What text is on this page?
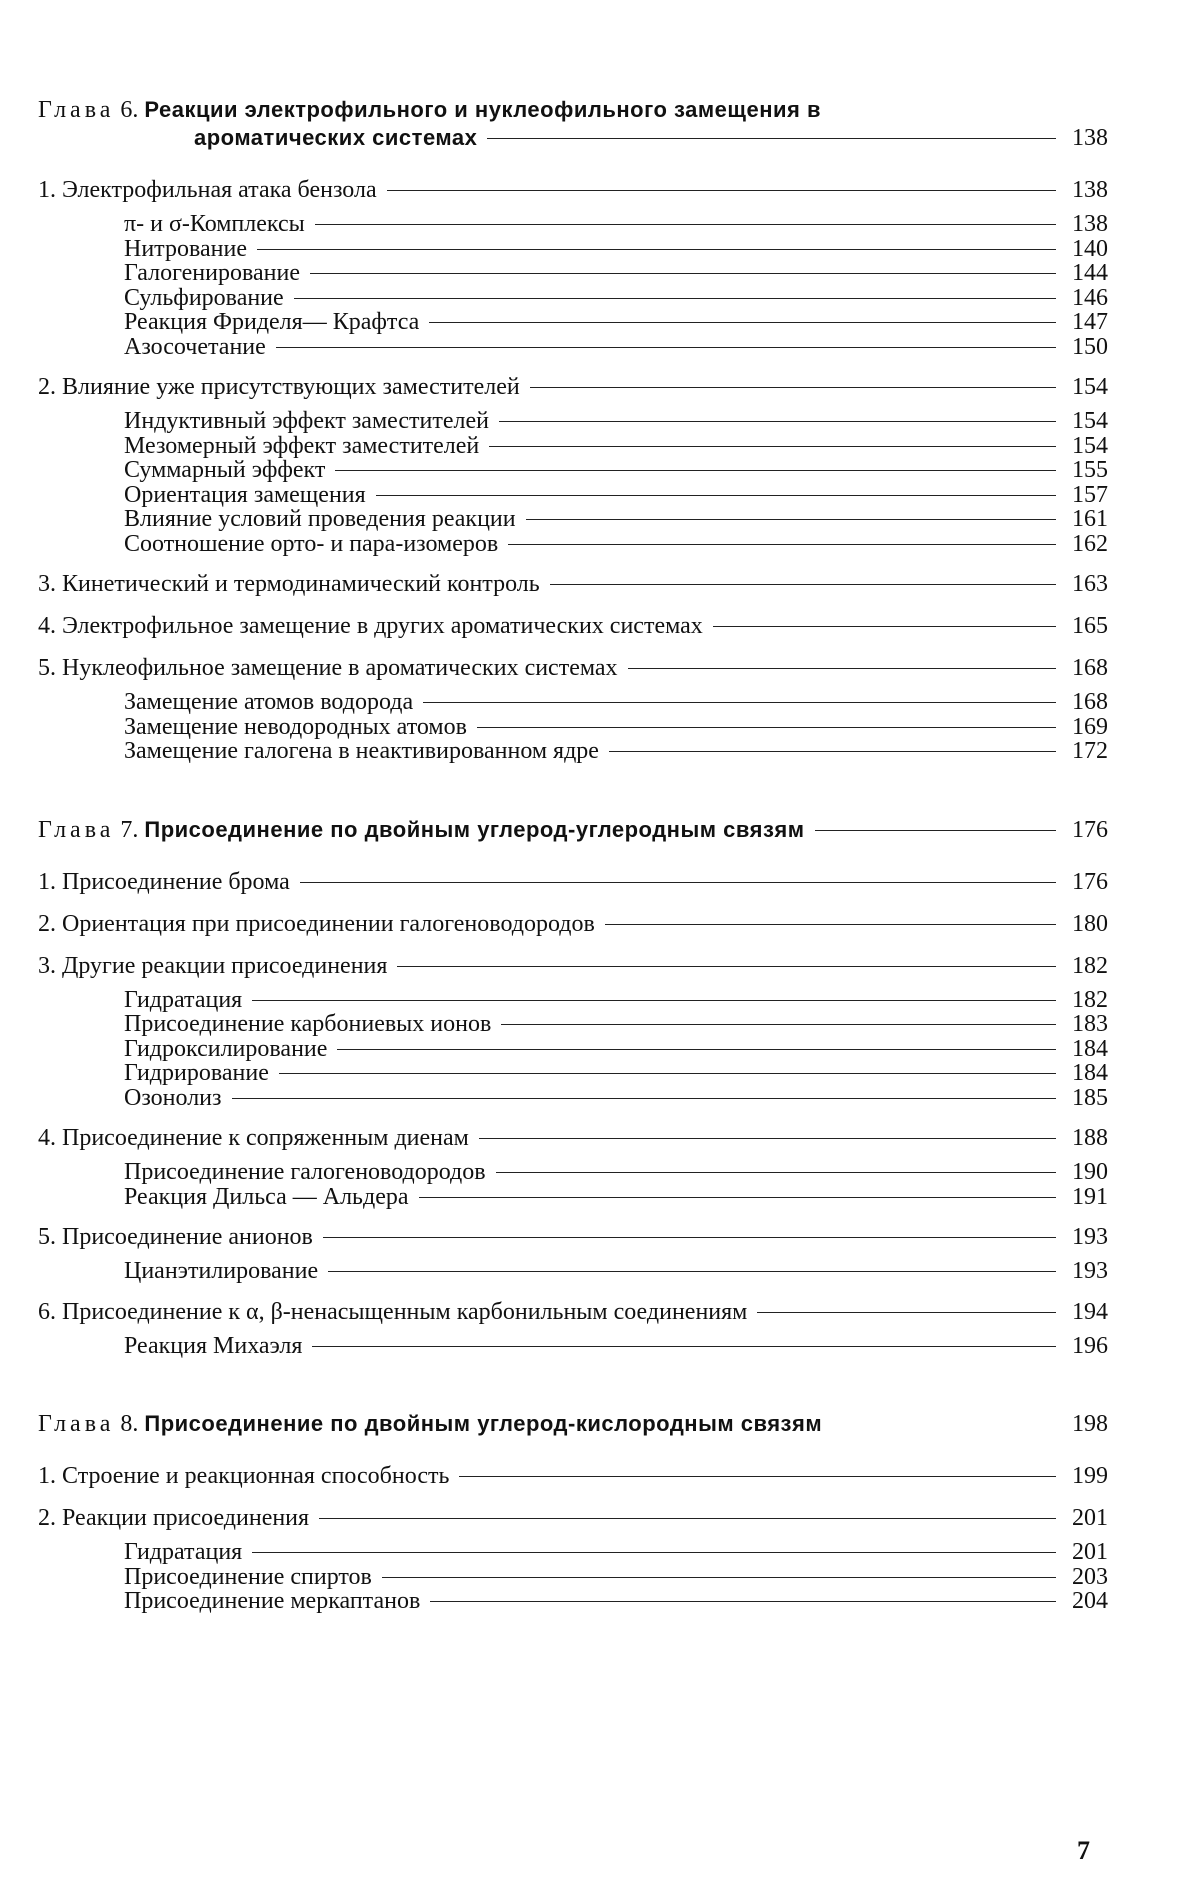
Глава 6. Реакции электрофильного и нуклеофильного замещения в
ароматических системах	138
1. Электрофильная атака бензола	138
π- и σ-Комплексы	138
Нитрование	140
Галогенирование	144
Сульфирование	146
Реакция Фриделя— Крафтса	147
Азосочетание	150
2. Влияние уже присутствующих заместителей	154
Индуктивный эффект заместителей	154
Мезомерный эффект заместителей	154
Суммарный эффект	155
Ориентация замещения	157
Влияние условий проведения реакции	161
Соотношение орто- и пара-изомеров	162
3. Кинетический и термодинамический контроль	163
4. Электрофильное замещение в других ароматических системах	165
5. Нуклеофильное замещение в ароматических системах	168
Замещение атомов водорода	168
Замещение неводородных атомов	169
Замещение галогена в неактивированном ядре	172
Глава 7. Присоединение по двойным углерод-углеродным связям	176
1. Присоединение брома	176
2. Ориентация при присоединении галогеноводородов	180
3. Другие реакции присоединения	182
Гидратация	182
Присоединение карбониевых ионов	183
Гидроксилирование	184
Гидрирование	184
Озонолиз	185
4. Присоединение к сопряженным диенам	188
Присоединение галогеноводородов	190
Реакция Дильса — Альдера	191
5. Присоединение анионов	193
Цианэтилирование	193
6. Присоединение к α, β-ненасыщенным карбонильным соединениям	194
Реакция Михаэля	196
Глава 8. Присоединение по двойным углерод-кислородным связям	198
1. Строение и реакционная способность	199
2. Реакции присоединения	201
Гидратация	201
Присоединение спиртов	203
Присоединение меркаптанов	204
7
